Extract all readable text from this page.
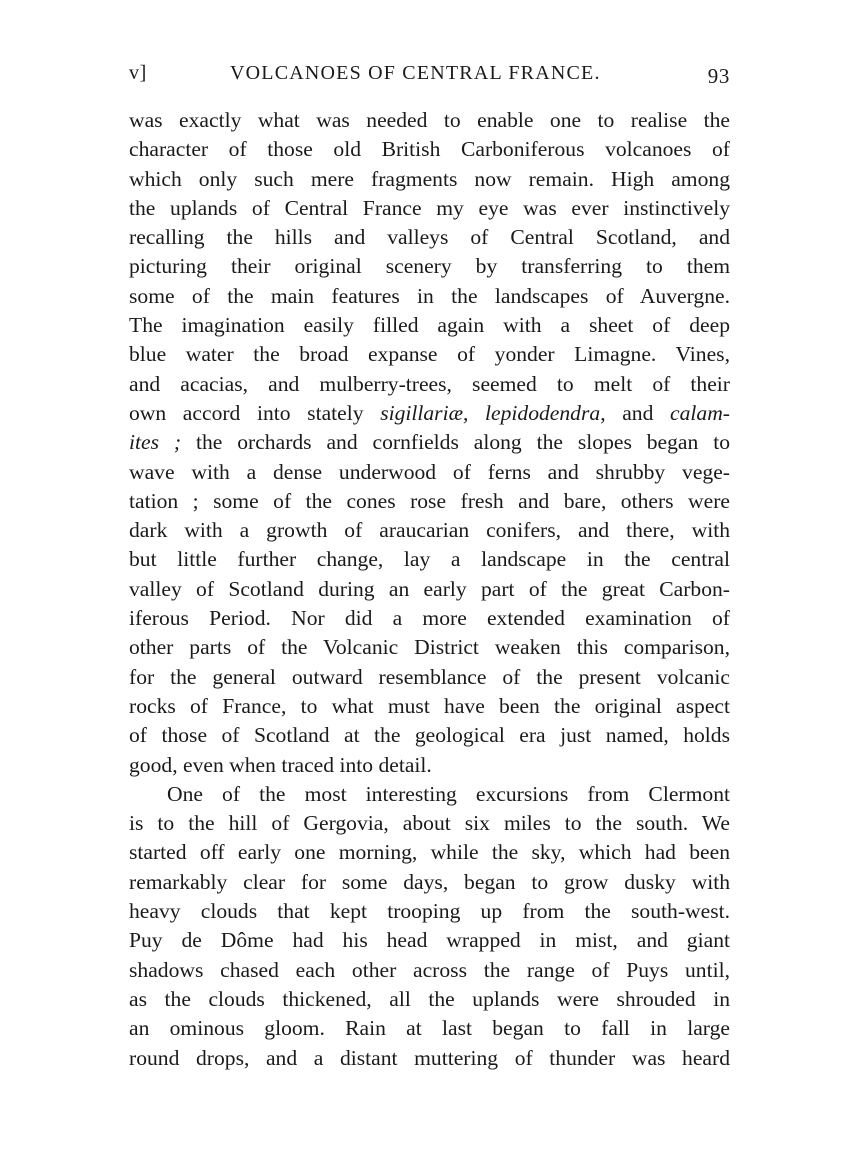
v]	VOLCANOES OF CENTRAL FRANCE.	93
was exactly what was needed to enable one to realise the
character of those old British Carboniferous volcanoes of
which only such mere fragments now remain. High among
the uplands of Central France my eye was ever instinctively
recalling the hills and valleys of Central Scotland, and
picturing their original scenery by transferring to them
some of the main features in the landscapes of Auvergne.
The imagination easily filled again with a sheet of deep
blue water the broad expanse of yonder Limagne. Vines,
and acacias, and mulberry-trees, seemed to melt of their
own accord into stately sigillariæ, lepidodendra, and calam-
ites ; the orchards and cornfields along the slopes began to
wave with a dense underwood of ferns and shrubby vege-
tation ; some of the cones rose fresh and bare, others were
dark with a growth of araucarian conifers, and there, with
but little further change, lay a landscape in the central
valley of Scotland during an early part of the great Carbon-
iferous Period. Nor did a more extended examination of
other parts of the Volcanic District weaken this comparison,
for the general outward resemblance of the present volcanic
rocks of France, to what must have been the original aspect
of those of Scotland at the geological era just named, holds
good, even when traced into detail.
One of the most interesting excursions from Clermont
is to the hill of Gergovia, about six miles to the south. We
started off early one morning, while the sky, which had been
remarkably clear for some days, began to grow dusky with
heavy clouds that kept trooping up from the south-west.
Puy de Dôme had his head wrapped in mist, and giant
shadows chased each other across the range of Puys until,
as the clouds thickened, all the uplands were shrouded in
an ominous gloom. Rain at last began to fall in large
round drops, and a distant muttering of thunder was heard
